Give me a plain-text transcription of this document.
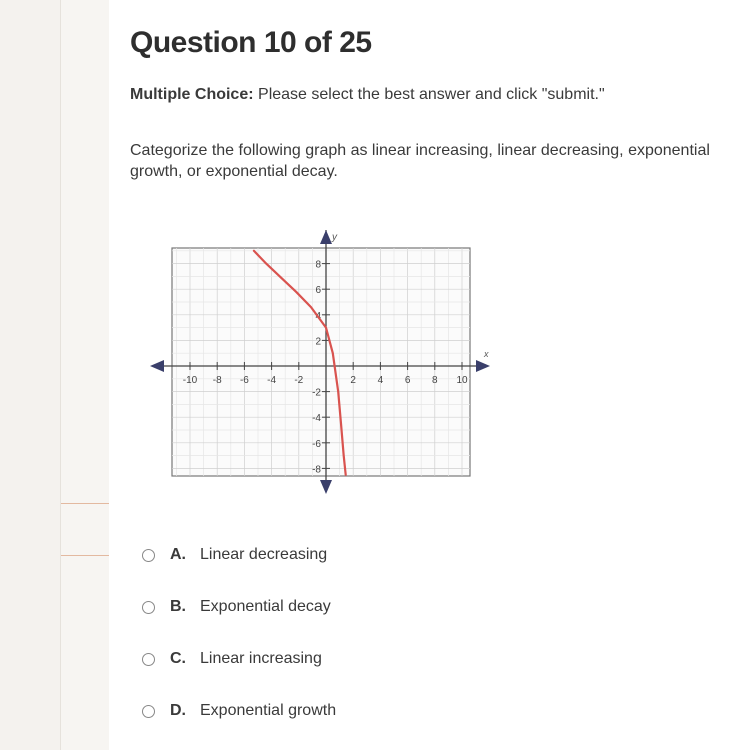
Question 10 of 25
Multiple Choice: Please select the best answer and click "submit."
Categorize the following graph as linear increasing, linear decreasing, exponential growth, or exponential decay.
x
y
-10 -8 -6 -4 -2	2 4 6 8 10
8
6
4
2
-2
-4
-6
-8
A. Linear decreasing
B. Exponential decay
C. Linear increasing
D. Exponential growth
